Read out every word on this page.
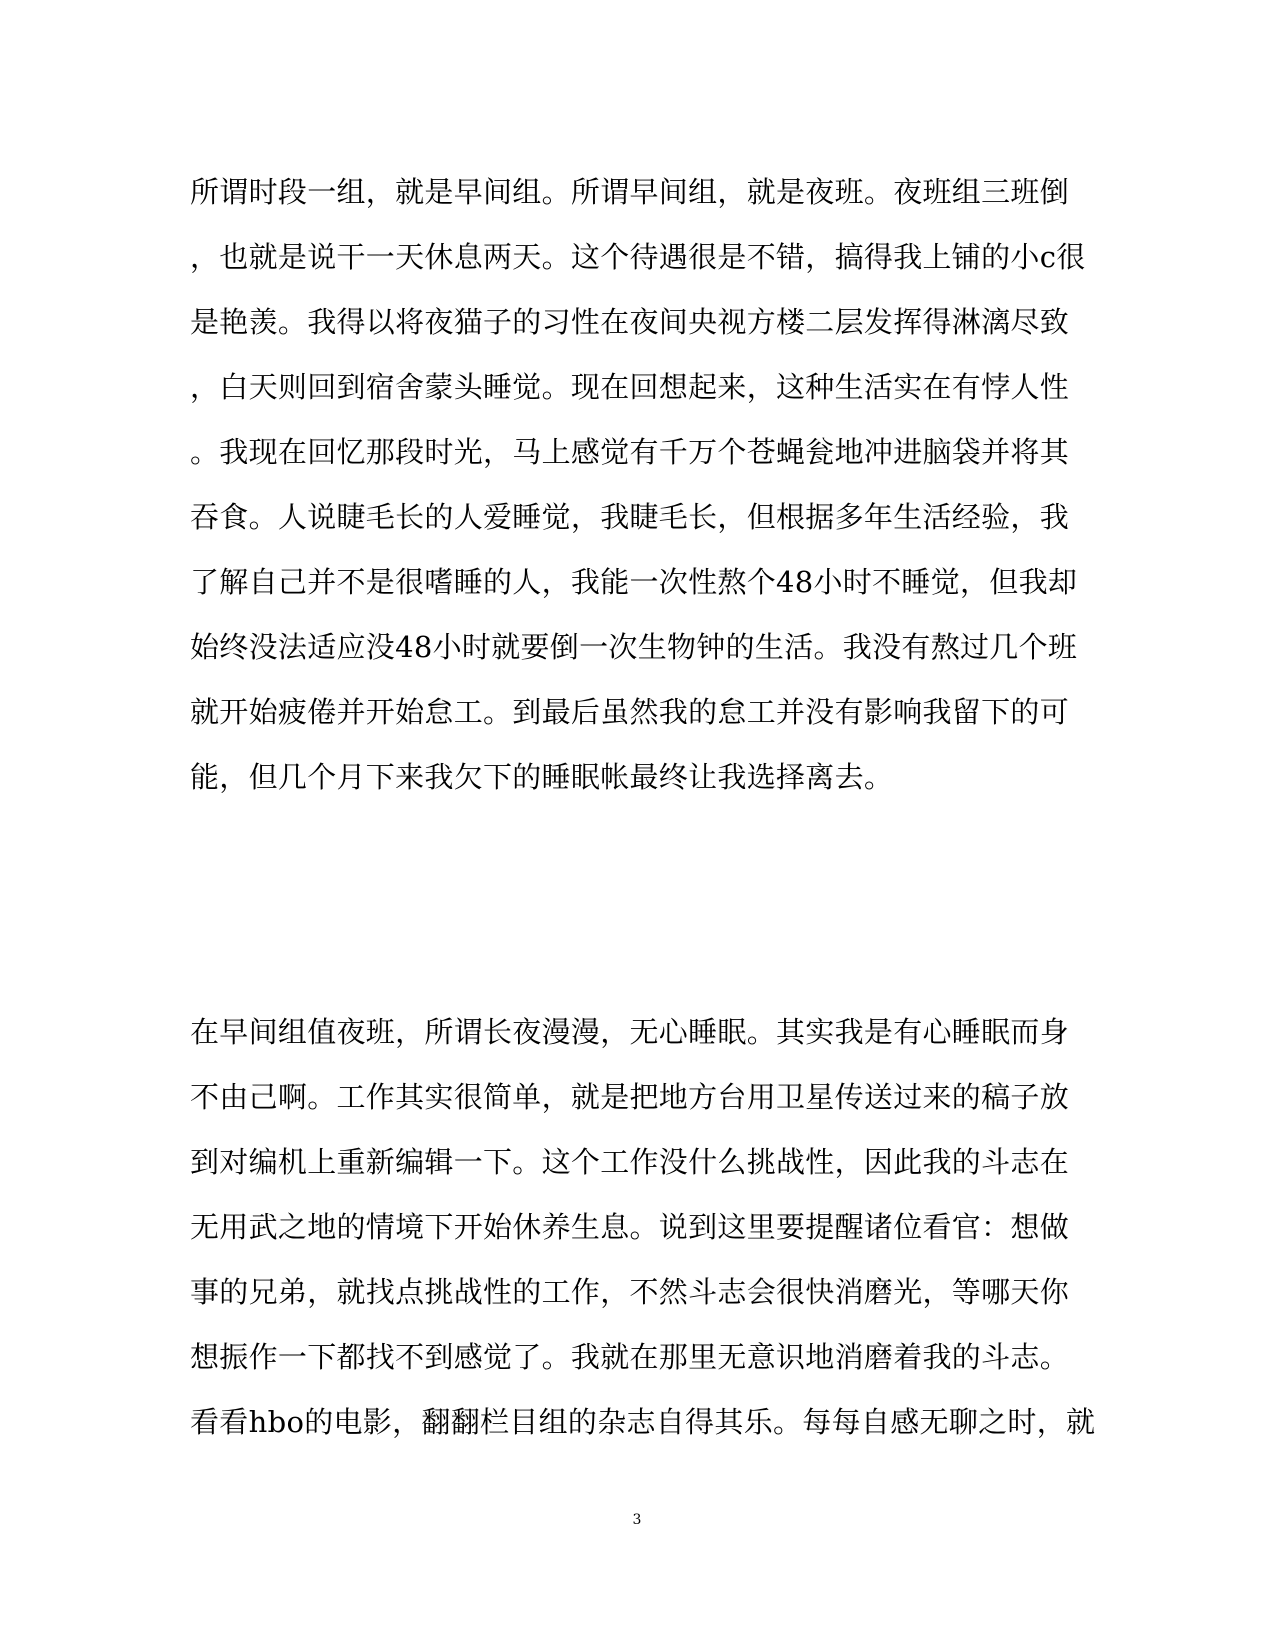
所谓时段一组，就是早间组。所谓早间组，就是夜班。夜班组三班倒
，也就是说干一天休息两天。这个待遇很是不错，搞得我上铺的小c很
是艳羡。我得以将夜猫子的习性在夜间央视方楼二层发挥得淋漓尽致
，白天则回到宿舍蒙头睡觉。现在回想起来，这种生活实在有悖人性
。我现在回忆那段时光，马上感觉有千万个苍蝇瓮地冲进脑袋并将其
吞食。人说睫毛长的人爱睡觉，我睫毛长，但根据多年生活经验，我
了解自己并不是很嗜睡的人，我能一次性熬个48小时不睡觉，但我却
始终没法适应没48小时就要倒一次生物钟的生活。我没有熬过几个班
就开始疲倦并开始怠工。到最后虽然我的怠工并没有影响我留下的可
能，但几个月下来我欠下的睡眠帐最终让我选择离去。
在早间组值夜班，所谓长夜漫漫，无心睡眠。其实我是有心睡眠而身
不由己啊。工作其实很简单，就是把地方台用卫星传送过来的稿子放
到对编机上重新编辑一下。这个工作没什么挑战性，因此我的斗志在
无用武之地的情境下开始休养生息。说到这里要提醒诸位看官：想做
事的兄弟，就找点挑战性的工作，不然斗志会很快消磨光，等哪天你
想振作一下都找不到感觉了。我就在那里无意识地消磨着我的斗志。
看看hbo的电影，翻翻栏目组的杂志自得其乐。每每自感无聊之时，就
3
